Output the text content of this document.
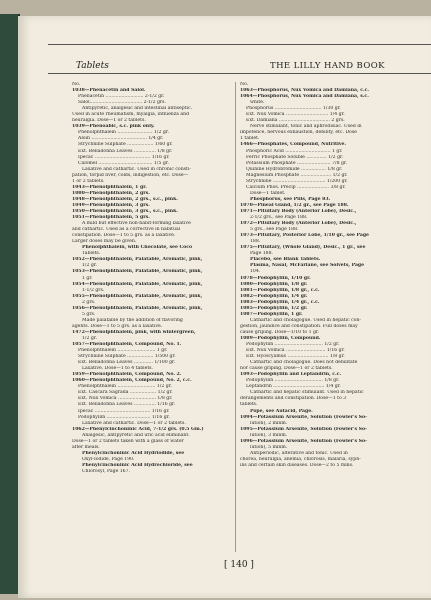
Tablets	THE LILLY HAND BOOK
No.
1038—Phenacetin and Salol.
Phenacetin .......................... 2-1/2 gr.
Salol.................................... 2-1/2 grs.
Antipyretic, analgesic and intestinal antiseptic.
Used in acute rheumatism, myalgia, influenza and
neuralgia. Dose—1 or 2 tablets.
1039—Phenoabic, s.c. pink only.
Phenolphthalein ........................ 1/2 gr.
Aloin ...................................... 1/4 gr.
Strychnine Sulphate .................. 1/60 gr.
Ext. Belladonna Leaves ............... 1/8 gr.
Ipecac ...................................... 1/16 gr.
Calomel ..................................... 1/5 gr.
Laxative and cathartic. Used in chronic consti-
pation, torpid liver, colds, indigestion, etc. Dose—
1 or 2 tablets.
1043—Phenolphthalein, 1 gr.
1080—Phenolphthalein, 2 grs.
1048—Phenolphthalein, 2 grs., s.c., pink.
1049—Phenolphthalein, 3 grs.
1050—Phenolphthalein, 3 grs., s.c., pink.
1051—Phenolphthalein, 5 grs.
A mild but effective non-habit-forming laxative
and cathartic. Used as a corrective in habitual
constipation. Dose—1 to 5 grs. as a laxative.
Larger doses may be given.
Phenolphthalein, with Chocolate, see Coco
Tablets.
1052—Phenolphthalein, Palatable, Aromatic, pink,
1/2 gr.
1053—Phenolphthalein, Palatable, Aromatic, pink,
1 gr.
1054—Phenolphthalein, Palatable, Aromatic, pink,
1-1/2 grs.
1055—Phenolphthalein, Palatable, Aromatic, pink,
2 grs.
1056—Phenolphthalein, Palatable, Aromatic, pink,
5 grs.
Made palatable by the addition of flavoring
agents. Dose—1 to 5 grs. as a laxative.
1472—Phenolphthalein, pink, with wintergreen,
1/2 gr.
1057—Phenolphthalein, Compound, No. 1.
Phenolphthalein .......................... 1 gr.
Strychnine Sulphate .................. 1/500 gr.
Ext. Belladonna Leaves ............. 1/100 gr.
Laxative. Dose—1 to 4 tablets.
1059—Phenolphthalein, Compound, No. 2.
1060—Phenolphthalein, Compound, No. 2, c.c.
Phenolphthalein .......................... 1/2 gr.
Ext. Cascara Sagrada .................. 1/2 gr.
Ext. Nux Vomica .......................... 1/8 gr.
Ext. Belladonna Leaves ............... 1/16 gr.
Ipecac ...................................... 1/16 gr.
Podophyllin .............................. 1/16 gr.
Laxative and cathartic. Dose—1 or 2 tablets.
1062—Phenylcinchoninic Acid, 7-1/2 grs. (0.5 Gm.)
Analgesic, antipyretic and uric acid eliminant.
Dose—1 or 2 tablets taken with a glass of water
after meals.
Phenylcinchoninic Acid Hydriodide, see
Oxyl-Iodide, Page 190.
Phenylcinchoninic Acid Hydrochloride, see
Chlorosyl, Page 167.
No.
1063—Phosphorus, Nux Vomica and Damiana, c.c.
1064—Phosphorus, Nux Vomica and Damiana, s.c.
white.
Phosphorus ................................ 1/30 gr.
Ext. Nux Vomica ............................. 1/4 gr.
Ext. Damiana ................................... 2 grs.
Nerve stimulant, tonic and aphrodisiac. Used in
impotence, nervous exhaustion, debility, etc. Dose
1 tablet.
1466—Phosphates, Compound, Nutritive.
Phosphoric Acid ............................... 1 gr.
Ferric Phosphate Soluble .............. 1/2 gr.
Potassium Phosphate ....................... 7/8 gr.
Quinine Hydrobromide ................. 1/8 gr.
Magnesium Phosphate ..................... 1/2 gr.
Strychnine .................................... 1/200 gr.
Calcium Phos. Precip ...................... 3/8 gr.
Dose—1 tablet.
Phosphorus, see Pills, Page 83.
1070—Pineal Gland, 1/2 gr., see Page 188.
1071—Pituitary Body (Anterior Lobe), Desic.,
2-1/2 grs., see Page 188.
1072—Pituitary Body (Anterior Lobe), Desic.,
5 grs., see Page 188.
1073—Pituitary, Posterior Lobe, 1/10 gr., see Page
188.
1075—Pituitary, (Whole Gland), Desic., 1 gr., see
Page 188.
Placebo, see Blank Tablets.
Plasma, Nasal, McFarlane, see Solvets, Page
104.
1078—Podophyllin, 1/10 gr.
1080—Podophyllin, 1/8 gr.
1081—Podophyllin, 1/8 gr., c.c.
1082—Podophyllin, 1/4 gr.
1083—Podophyllin, 1/4 gr., c.c.
1085—Podophyllin, 1/2 gr.
1087—Podophyllin, 1 gr.
Cathartic and cholagogue. Used in hepatic con-
gestion, jaundice and constipation. Full doses may
cause griping. Dose—1/10 to 1 gr.
1089—Podophyllin, Compound.
Podophyllin ................................. 1/2 gr.
Ext. Nux Vomica ........................... 1/16 gr.
Ext. Hyoscyamus ............................ 1/8 gr.
Cathartic and cholagogue. Does not debilitate
nor cause griping. Dose—1 or 2 tablets.
1093—Podophyllin and Leptandrin, c.c.
Podophyllin ................................. 1/8 gr.
Leptandrin ................................... 1/4 gr.
Cathartic and hepatic stimulant. Used in hepatic
derangements and constipation. Dose—1 to 3
tablets.
Pope, see Autacid, Page.
1094—Potassium Arsenite, Solution (Fowler's So-
lution), 2 minm.
1095—Potassium Arsenite, Solution (Fowler's So-
lution), 3 minm.
1096—Potassium Arsenite, Solution (Fowler's So-
lution), 5 minm.
Antiperiodic, alterative and tonic. Used in
chorea, neuralgia, anemia, chlorosis, malaria, syph-
ilis and certain skin diseases. Dose—2 to 5 mins.
[ 140 ]
